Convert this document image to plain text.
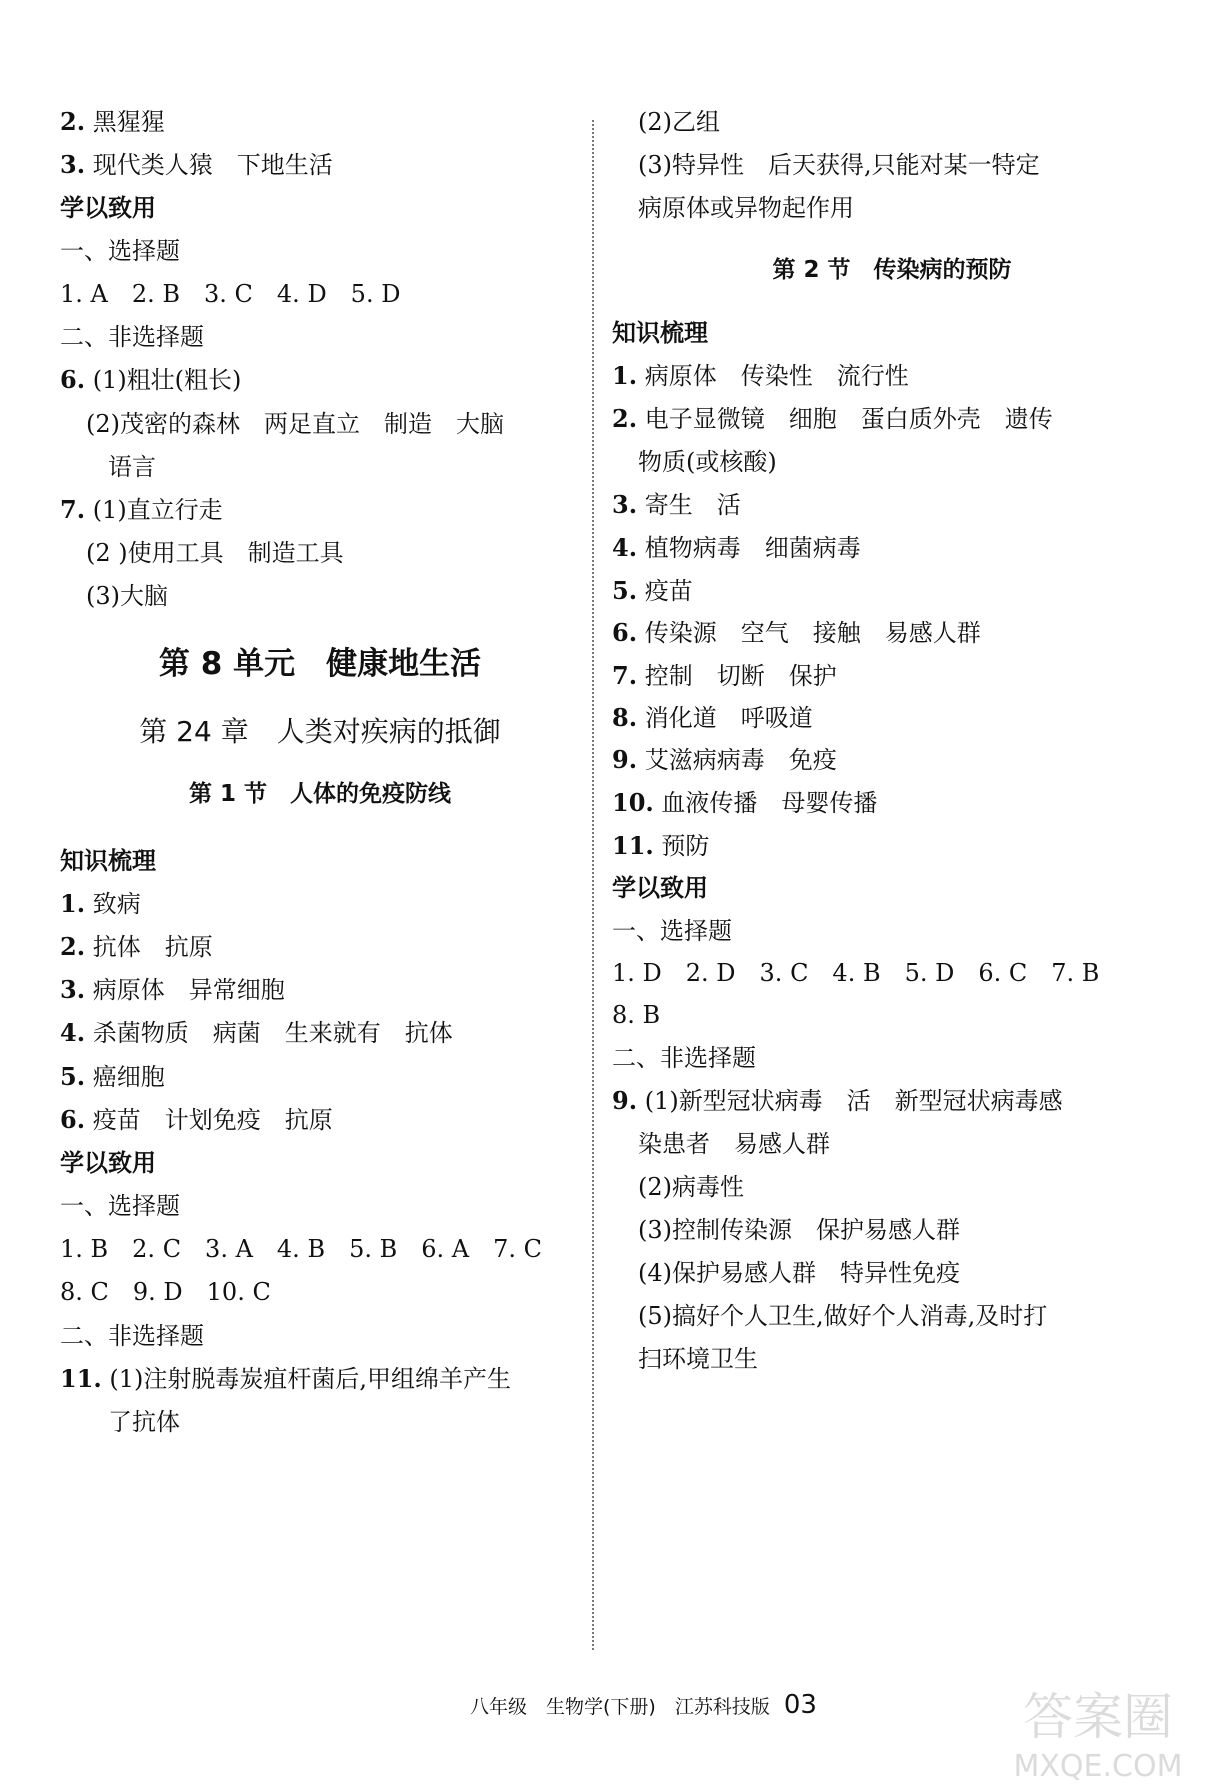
2. 黑猩猩
3. 现代类人猿　下地生活
学以致用
一、选择题
1. A　2. B　3. C　4. D　5. D
二、非选择题
6. (1)粗壮(粗长)
(2)茂密的森林　两足直立　制造　大脑
语言
7. (1)直立行走
(2 )使用工具　制造工具
(3)大脑
第 8 单元　健康地生活
第 24 章　人类对疾病的抵御
第 1 节　人体的免疫防线
知识梳理
1. 致病
2. 抗体　抗原
3. 病原体　异常细胞
4. 杀菌物质　病菌　生来就有　抗体
5. 癌细胞
6. 疫苗　计划免疫　抗原
学以致用
一、选择题
1. B　2. C　3. A　4. B　5. B　6. A　7. C
8. C　9. D　10. C
二、非选择题
11. (1)注射脱毒炭疽杆菌后,甲组绵羊产生
了抗体
(2)乙组
(3)特异性　后天获得,只能对某一特定
病原体或异物起作用
第 2 节　传染病的预防
知识梳理
1. 病原体　传染性　流行性
2. 电子显微镜　细胞　蛋白质外壳　遗传
物质(或核酸)
3. 寄生　活
4. 植物病毒　细菌病毒
5. 疫苗
6. 传染源　空气　接触　易感人群
7. 控制　切断　保护
8. 消化道　呼吸道
9. 艾滋病病毒　免疫
10. 血液传播　母婴传播
11. 预防
学以致用
一、选择题
1. D　2. D　3. C　4. B　5. D　6. C　7. B
8. B
二、非选择题
9. (1)新型冠状病毒　活　新型冠状病毒感
染患者　易感人群
(2)病毒性
(3)控制传染源　保护易感人群
(4)保护易感人群　特异性免疫
(5)搞好个人卫生,做好个人消毒,及时打
扫环境卫生
八年级　生物学(下册)　江苏科技版 03	答案圈
MXQE.COM
